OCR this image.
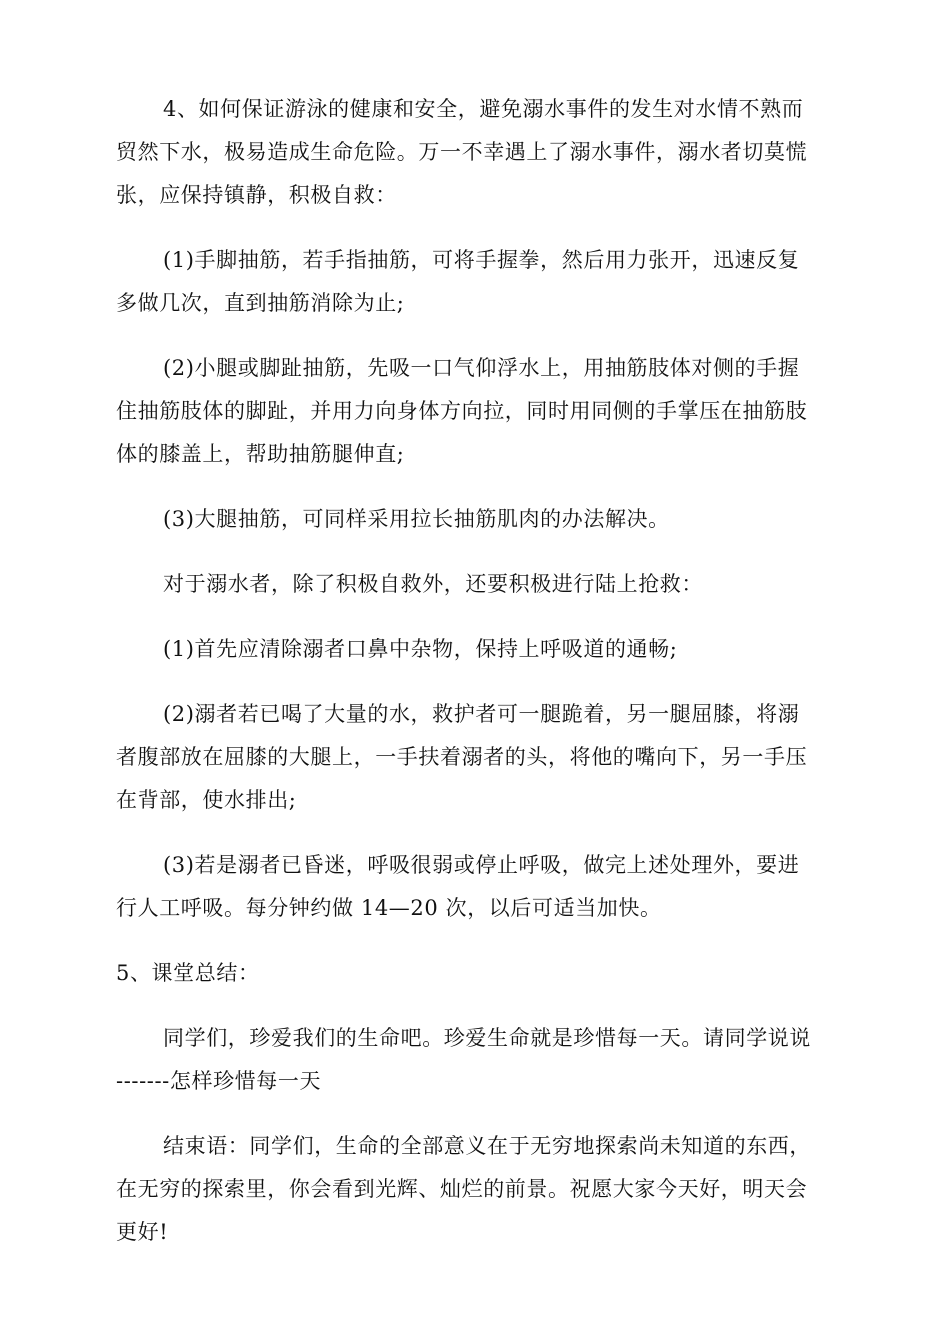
4、如何保证游泳的健康和安全，避免溺水事件的发生对水情不熟而
贸然下水，极易造成生命危险。万一不幸遇上了溺水事件，溺水者切莫慌
张，应保持镇静，积极自救：

(1)手脚抽筋，若手指抽筋，可将手握拳，然后用力张开，迅速反复
多做几次，直到抽筋消除为止;

(2)小腿或脚趾抽筋，先吸一口气仰浮水上，用抽筋肢体对侧的手握
住抽筋肢体的脚趾，并用力向身体方向拉，同时用同侧的手掌压在抽筋肢
体的膝盖上，帮助抽筋腿伸直;

(3)大腿抽筋，可同样采用拉长抽筋肌肉的办法解决。

对于溺水者，除了积极自救外，还要积极进行陆上抢救：

(1)首先应清除溺者口鼻中杂物，保持上呼吸道的通畅;

(2)溺者若已喝了大量的水，救护者可一腿跪着，另一腿屈膝，将溺
者腹部放在屈膝的大腿上，一手扶着溺者的头，将他的嘴向下，另一手压
在背部，使水排出;

(3)若是溺者已昏迷，呼吸很弱或停止呼吸，做完上述处理外，要进
行人工呼吸。每分钟约做 14—20 次，以后可适当加快。

5、课堂总结：

同学们，珍爱我们的生命吧。珍爱生命就是珍惜每一天。请同学说说
-------怎样珍惜每一天

结束语：同学们，生命的全部意义在于无穷地探索尚未知道的东西，
在无穷的探索里，你会看到光辉、灿烂的前景。祝愿大家今天好，明天会
更好!
